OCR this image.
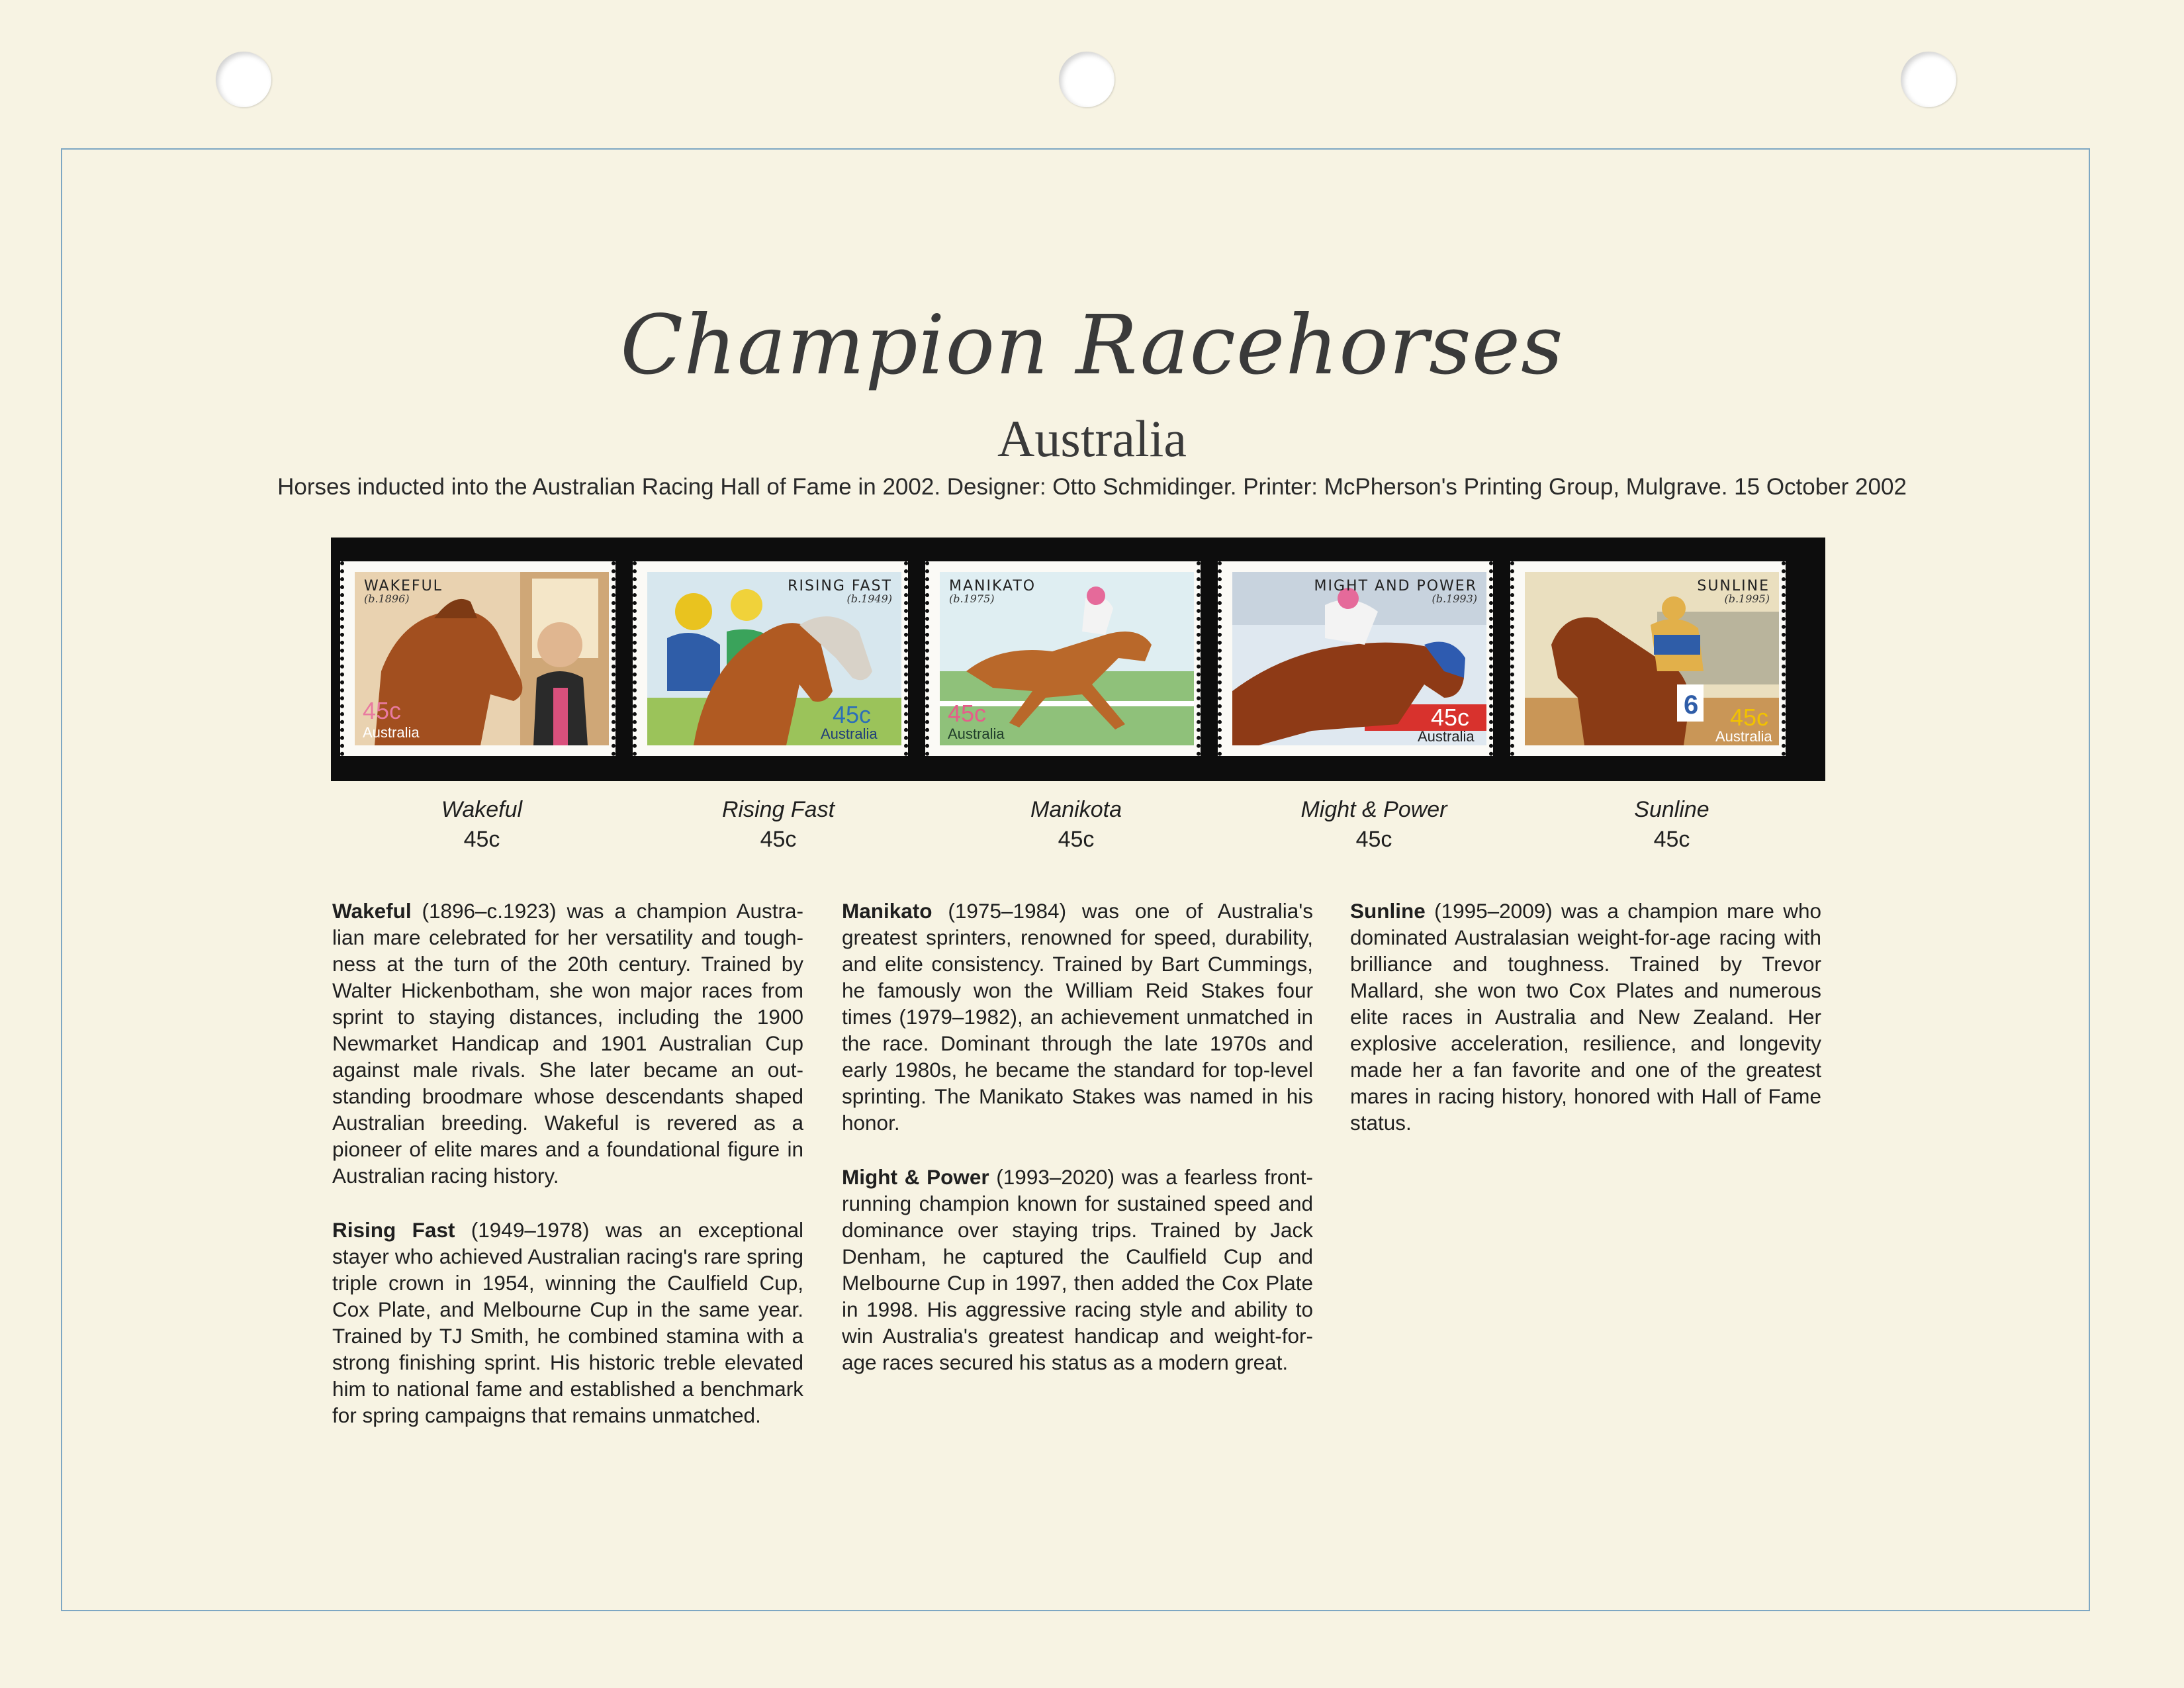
Champion Racehorses
Australia
Horses inducted into the Australian Racing Hall of Fame in 2002. Designer: Otto Schmidinger. Printer: McPherson's Printing Group, Mulgrave. 15 October 2002
WAKEFUL
(b.1896)
45c
Australia
RISING FAST
(b.1949)
45c
Australia
MANIKATO
(b.1975)
45c
Australia
MIGHT AND POWER
(b.1993)
45c
Australia
6
SUNLINE
(b.1995)
45c
Australia
Wakeful
45c
Rising Fast
45c
Manikota
45c
Might & Power
45c
Sunline
45c

Wakeful (1896–c.1923) was a champion Australian mare celebrated for her versatility and toughness at the turn of the 20th century. Trained by Walter Hickenbotham, she won major races from sprint to staying distances, including the 1900 Newmarket Handicap and 1901 Australian Cup against male rivals. She later became an outstanding broodmare whose descendants shaped Australian breeding. Wakeful is revered as a pioneer of elite mares and a foundational figure in Australian racing history.

Rising Fast (1949–1978) was an exceptional stayer who achieved Australian racing's rare spring triple crown in 1954, winning the Caulfield Cup, Cox Plate, and Melbourne Cup in the same year. Trained by TJ Smith, he combined stamina with a strong finishing sprint. His historic treble elevated him to national fame and established a benchmark for spring campaigns that remains unmatched.

Manikato (1975–1984) was one of Australia's greatest sprinters, renowned for speed, durability, and elite consistency. Trained by Bart Cummings, he famously won the William Reid Stakes four times (1979–1982), an achievement unmatched in the race. Dominant through the late 1970s and early 1980s, he became the standard for top-level sprinting. The Manikato Stakes was named in his honor.

Might & Power (1993–2020) was a fearless front-running champion known for sustained speed and dominance over staying trips. Trained by Jack Denham, he captured the Caulfield Cup and Melbourne Cup in 1997, then added the Cox Plate in 1998. His aggressive racing style and ability to win Australia's greatest handicap and weight-for-age races secured his status as a modern great.

Sunline (1995–2009) was a champion mare who dominated Australasian weight-for-age racing with brilliance and toughness. Trained by Trevor Mallard, she won two Cox Plates and numerous elite races in Australia and New Zealand. Her explosive acceleration, resilience, and longevity made her a fan favorite and one of the greatest mares in racing history, honored with Hall of Fame status.
